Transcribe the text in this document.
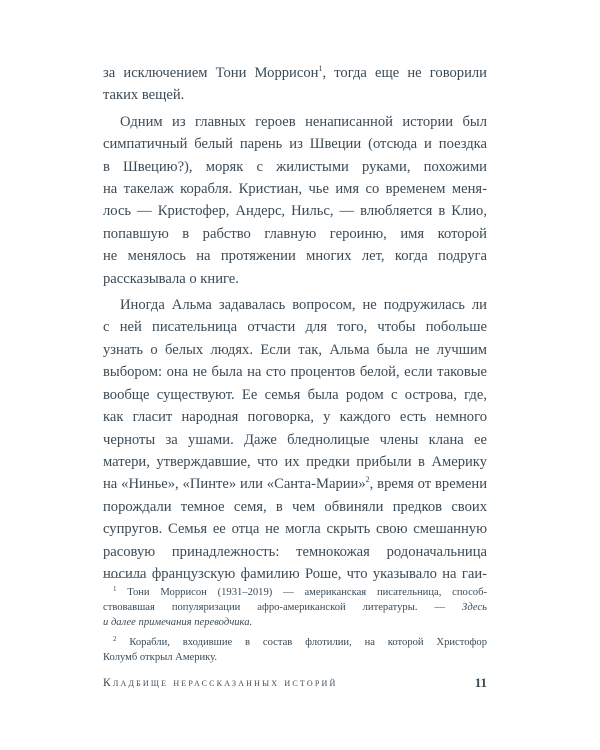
за исключением Тони Моррисон$^1$, тогда еще не говорили
таких вещей.
Одним из главных героев ненаписанной истории был
симпатичный белый парень из Швеции (отсюда и поездка
в Швецию?), моряк с жилистыми руками, похожими
на такелаж корабля. Кристиан, чье имя со временем меня-
лось — Кристофер, Андерс, Нильс, — влюбляется в Клио,
попавшую в рабство главную героиню, имя которой
не менялось на протяжении многих лет, когда подруга
рассказывала о книге.
Иногда Альма задавалась вопросом, не подружилась ли
с ней писательница отчасти для того, чтобы побольше
узнать о белых людях. Если так, Альма была не лучшим
выбором: она не была на сто процентов белой, если таковые
вообще существуют. Ее семья была родом с острова, где,
как гласит народная поговорка, у каждого есть немного
черноты за ушами. Даже бледнолицые члены клана ее
матери, утверждавшие, что их предки прибыли в Америку
на «Нинье», «Пинте» или «Санта-Марии»$^2$, время от времени
порождали темное семя, в чем обвиняли предков своих
супругов. Семья ее отца не могла скрыть свою смешанную
расовую принадлежность: темнокожая родоначальница
носила французскую фамилию Роше, что указывало на гаи-
$^1$ Тони Моррисон (1931–2019) — американская писательница, способ-
ствовавшая популяризации афро-американской литературы. — Здесь
и далее примечания переводчика.
$^2$ Корабли, входившие в состав флотилии, на которой Христофор
Колумб открыл Америку.
Кладбище нерассказанных историй	11
